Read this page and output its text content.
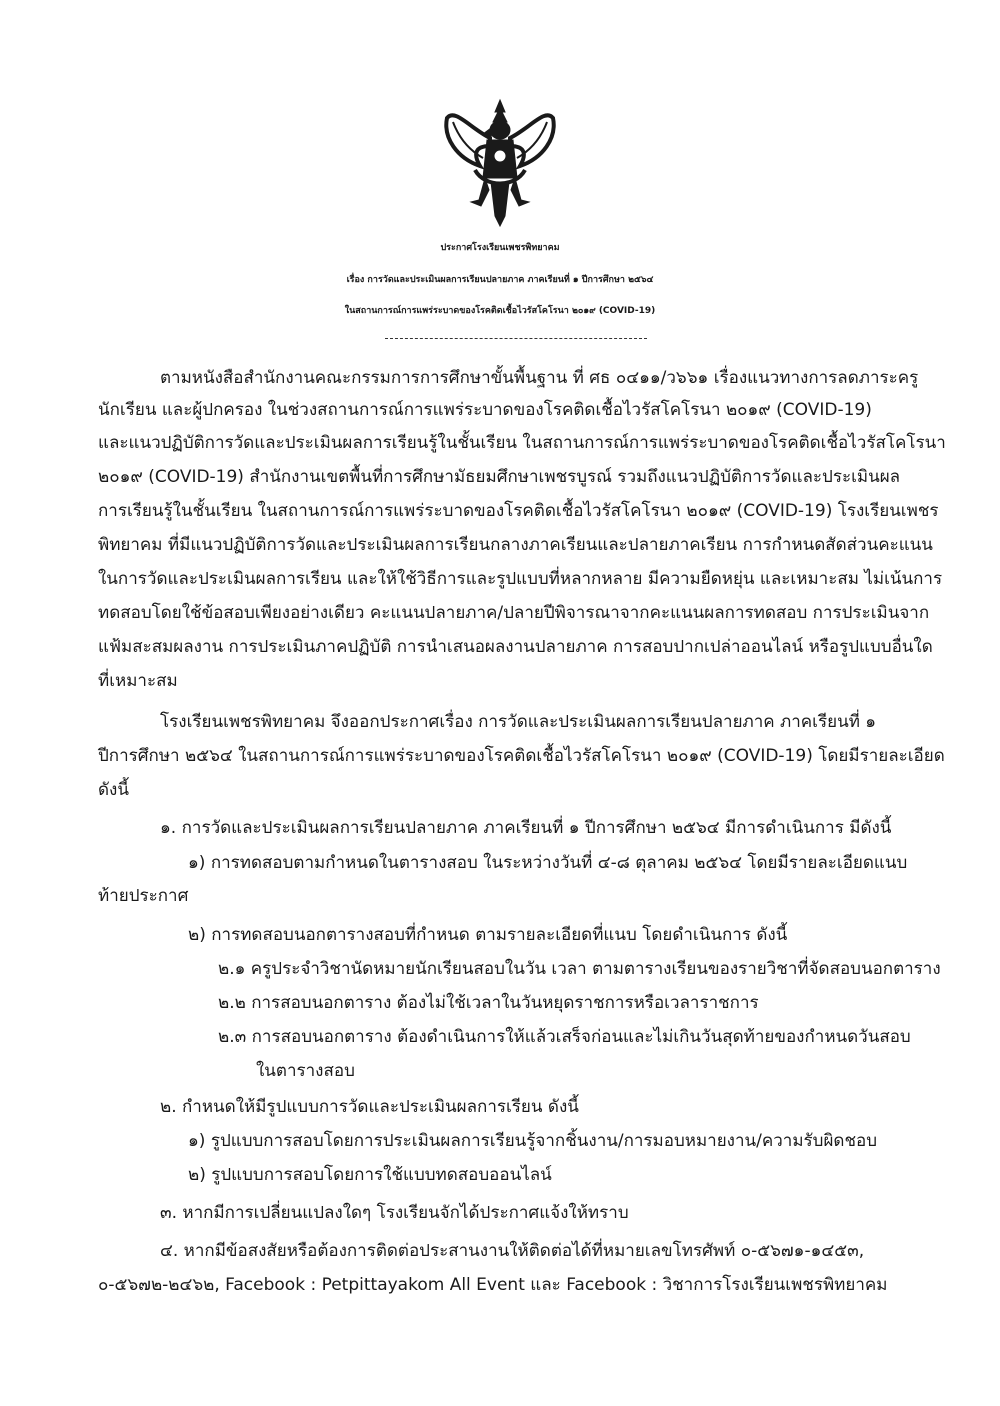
ประกาศโรงเรียนเพชรพิทยาคม
เรื่อง การวัดและประเมินผลการเรียนปลายภาค ภาคเรียนที่ ๑ ปีการศึกษา ๒๕๖๔
ในสถานการณ์การแพร่ระบาดของโรคติดเชื้อไวรัสโคโรนา ๒๐๑๙ (COVID-19)
ตามหนังสือสำนักงานคณะกรรมการการศึกษาขั้นพื้นฐาน ที่ ศธ ๐๔๑๑/ว๖๖๑ เรื่องแนวทางการลดภาระครู
นักเรียน และผู้ปกครอง ในช่วงสถานการณ์การแพร่ระบาดของโรคติดเชื้อไวรัสโคโรนา ๒๐๑๙ (COVID-19)
และแนวปฏิบัติการวัดและประเมินผลการเรียนรู้ในชั้นเรียน ในสถานการณ์การแพร่ระบาดของโรคติดเชื้อไวรัสโคโรนา
๒๐๑๙ (COVID-19) สำนักงานเขตพื้นที่การศึกษามัธยมศึกษาเพชรบูรณ์ รวมถึงแนวปฏิบัติการวัดและประเมินผล
การเรียนรู้ในชั้นเรียน ในสถานการณ์การแพร่ระบาดของโรคติดเชื้อไวรัสโคโรนา ๒๐๑๙ (COVID-19) โรงเรียนเพชร
พิทยาคม ที่มีแนวปฏิบัติการวัดและประเมินผลการเรียนกลางภาคเรียนและปลายภาคเรียน การกำหนดสัดส่วนคะแนน
ในการวัดและประเมินผลการเรียน และให้ใช้วิธีการและรูปแบบที่หลากหลาย มีความยืดหยุ่น และเหมาะสม ไม่เน้นการ
ทดสอบโดยใช้ข้อสอบเพียงอย่างเดียว คะแนนปลายภาค/ปลายปีพิจารณาจากคะแนนผลการทดสอบ การประเมินจาก
แฟ้มสะสมผลงาน การประเมินภาคปฏิบัติ การนำเสนอผลงานปลายภาค การสอบปากเปล่าออนไลน์ หรือรูปแบบอื่นใด
ที่เหมาะสม
โรงเรียนเพชรพิทยาคม จึงออกประกาศเรื่อง การวัดและประเมินผลการเรียนปลายภาค ภาคเรียนที่ ๑
ปีการศึกษา ๒๕๖๔ ในสถานการณ์การแพร่ระบาดของโรคติดเชื้อไวรัสโคโรนา ๒๐๑๙ (COVID-19) โดยมีรายละเอียด
ดังนี้
๑. การวัดและประเมินผลการเรียนปลายภาค ภาคเรียนที่ ๑ ปีการศึกษา ๒๕๖๔ มีการดำเนินการ มีดังนี้
๑) การทดสอบตามกำหนดในตารางสอบ ในระหว่างวันที่ ๔-๘ ตุลาคม ๒๕๖๔ โดยมีรายละเอียดแนบ
ท้ายประกาศ
๒) การทดสอบนอกตารางสอบที่กำหนด ตามรายละเอียดที่แนบ โดยดำเนินการ ดังนี้
๒.๑ ครูประจำวิชานัดหมายนักเรียนสอบในวัน เวลา ตามตารางเรียนของรายวิชาที่จัดสอบนอกตาราง
๒.๒ การสอบนอกตาราง ต้องไม่ใช้เวลาในวันหยุดราชการหรือเวลาราชการ
๒.๓ การสอบนอกตาราง ต้องดำเนินการให้แล้วเสร็จก่อนและไม่เกินวันสุดท้ายของกำหนดวันสอบ
ในตารางสอบ
๒. กำหนดให้มีรูปแบบการวัดและประเมินผลการเรียน ดังนี้
๑) รูปแบบการสอบโดยการประเมินผลการเรียนรู้จากชิ้นงาน/การมอบหมายงาน/ความรับผิดชอบ
๒) รูปแบบการสอบโดยการใช้แบบทดสอบออนไลน์
๓. หากมีการเปลี่ยนแปลงใดๆ โรงเรียนจักได้ประกาศแจ้งให้ทราบ
๔. หากมีข้อสงสัยหรือต้องการติดต่อประสานงานให้ติดต่อได้ที่หมายเลขโทรศัพท์ ๐-๕๖๗๑-๑๔๕๓,
๐-๕๖๗๒-๒๔๖๒, Facebook : Petpittayakom All Event และ Facebook : วิชาการโรงเรียนเพชรพิทยาคม
